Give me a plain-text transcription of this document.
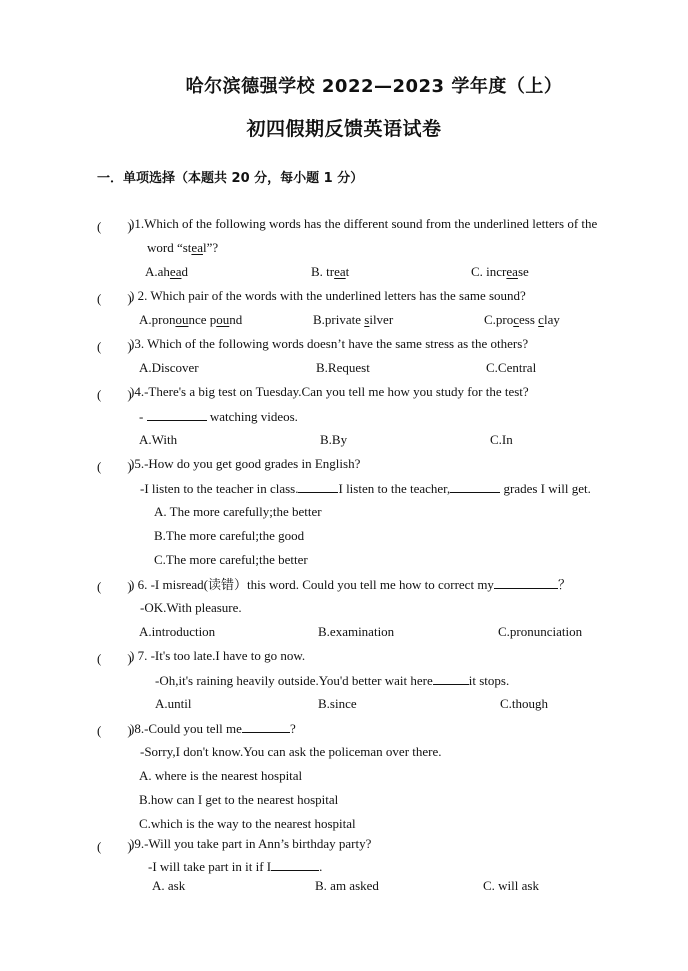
哈尔滨德强学校 2022—2023 学年度（上）
初四假期反馈英语试卷
一．单项选择（本题共 20 分，每小题 1 分）
(　　)
)1.Which of the following words has the different sound from the underlined letters of the
word “steal”?
A.ahead	B. treat	C. increase
(　　)
) 2. Which pair of the words with the underlined letters has the same sound?
A.pronounce pound	B.private silver	C.process clay
(　　)
)3. Which of the following words doesn’t have the same stress as the others?
A.Discover	B.Request	C.Central
(　　)
)4.-There's a big test on Tuesday.Can you tell me how you study for the test?
-	watching videos.
A.With	B.By	C.In
(　　)
)5.-How do you get good grades in English?
-I listen to the teacher in class.	I listen to the teacher,	grades I will get.
A. The more carefully;the better
B.The more careful;the good
C.The more careful;the better
(　　)
) 6. -I misread(读错）this word. Could you tell me how to correct my	？
-OK.With pleasure.
A.introduction	B.examination	C.pronunciation
(　　)
) 7. -It's too late.I have to go now.
-Oh,it's raining heavily outside.You'd better wait here	it stops.
A.until	B.since	C.though
(　　)
)8.-Could you tell me	?
-Sorry,I don't know.You can ask the policeman over there.
A. where is the nearest hospital
B.how can I get to the nearest hospital
C.which is the way to the nearest hospital
(　　)
)9.-Will you take part in Ann’s birthday party?
-I will take part in it if I	.
A. ask	B. am asked	C. will ask
